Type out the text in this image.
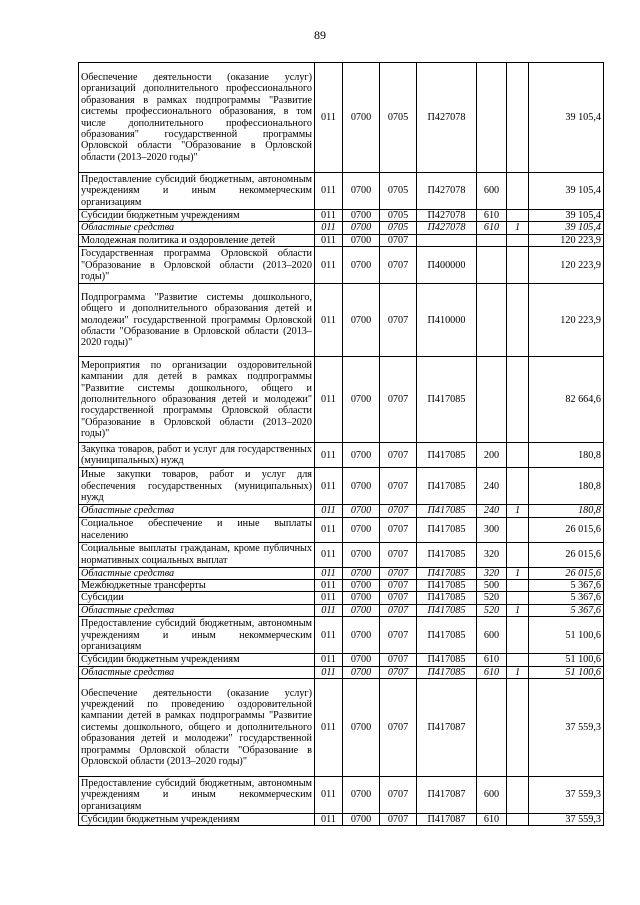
89
Обеспечение деятельности (оказание услуг) организаций дополнительного профессионального образования в рамках подпрограммы "Развитие системы профессионального образования, в том числе дополнительного профессионального образования" государственной программы Орловской области "Образование в Орловской области (2013–2020 годы)"	011	0700	0705	П427078			39 105,4
Предоставление субсидий бюджетным, автономным учреждениям и иным некоммерческим организациям	011	0700	0705	П427078	600		39 105,4
Субсидии бюджетным учреждениям	011	0700	0705	П427078	610		39 105,4
Областные средства	011	0700	0705	П427078	610	1	39 105,4
Молодежная политика и оздоровление детей	011	0700	0707				120 223,9
Государственная программа Орловской области "Образование в Орловской области (2013–2020 годы)"	011	0700	0707	П400000			120 223,9
Подпрограмма "Развитие системы дошкольного, общего и дополнительного образования детей и молодежи" государственной программы Орловской области "Образование в Орловской области (2013–2020 годы)"	011	0700	0707	П410000			120 223,9
Мероприятия по организации оздоровительной кампании для детей в рамках подпрограммы "Развитие системы дошкольного, общего и дополнительного образования детей и молодежи" государственной программы Орловской области "Образование в Орловской области (2013–2020 годы)"	011	0700	0707	П417085			82 664,6
Закупка товаров, работ и услуг для государственных (муниципальных) нужд	011	0700	0707	П417085	200		180,8
Иные закупки товаров, работ и услуг для обеспечения государственных (муниципальных) нужд	011	0700	0707	П417085	240		180,8
Областные средства	011	0700	0707	П417085	240	1	180,8
Социальное обеспечение и иные выплаты населению	011	0700	0707	П417085	300		26 015,6
Социальные выплаты гражданам, кроме публичных нормативных социальных выплат	011	0700	0707	П417085	320		26 015,6
Областные средства	011	0700	0707	П417085	320	1	26 015,6
Межбюджетные трансферты	011	0700	0707	П417085	500		5 367,6
Субсидии	011	0700	0707	П417085	520		5 367,6
Областные средства	011	0700	0707	П417085	520	1	5 367,6
Предоставление субсидий бюджетным, автономным учреждениям и иным некоммерческим организациям	011	0700	0707	П417085	600		51 100,6
Субсидии бюджетным учреждениям	011	0700	0707	П417085	610		51 100,6
Областные средства	011	0700	0707	П417085	610	1	51 100,6
Обеспечение деятельности (оказание услуг) учреждений по проведению оздоровительной кампании детей в рамках подпрограммы "Развитие системы дошкольного, общего и дополнительного образования детей и молодежи" государственной программы Орловской области "Образование в Орловской области (2013–2020 годы)"	011	0700	0707	П417087			37 559,3
Предоставление субсидий бюджетным, автономным учреждениям и иным некоммерческим организациям	011	0700	0707	П417087	600		37 559,3
Субсидии бюджетным учреждениям	011	0700	0707	П417087	610		37 559,3
